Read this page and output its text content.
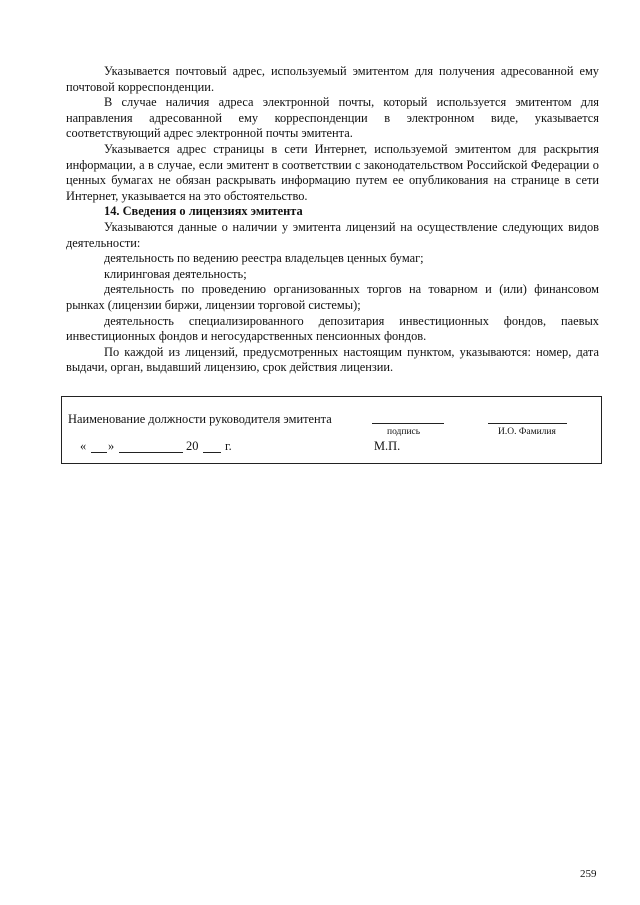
Указывается почтовый адрес, используемый эмитентом для получения адресованной ему почтовой корреспонденции.

В случае наличия адреса электронной почты, который используется эмитентом для направления адресованной ему корреспонденции в электронном виде, указывается соответствующий адрес электронной почты эмитента.

Указывается адрес страницы в сети Интернет, используемой эмитентом для раскрытия информации, а в случае, если эмитент в соответствии с законодательством Российской Федерации о ценных бумагах не обязан раскрывать информацию путем ее опубликования на странице в сети Интернет, указывается на это обстоятельство.

14. Сведения о лицензиях эмитента

Указываются данные о наличии у эмитента лицензий на осуществление следующих видов деятельности:

деятельность по ведению реестра владельцев ценных бумаг;

клиринговая деятельность;

деятельность по проведению организованных торгов на товарном и (или) финансовом рынках (лицензии биржи, лицензии торговой системы);

деятельность специализированного депозитария инвестиционных фондов, паевых инвестиционных фондов и негосударственных пенсионных фондов.

По каждой из лицензий, предусмотренных настоящим пунктом, указываются: номер, дата выдачи, орган, выдавший лицензию, срок действия лицензии.

Наименование должности руководителя эмитента
подпись	И.О. Фамилия
« »	20 г.	М.П.
259
